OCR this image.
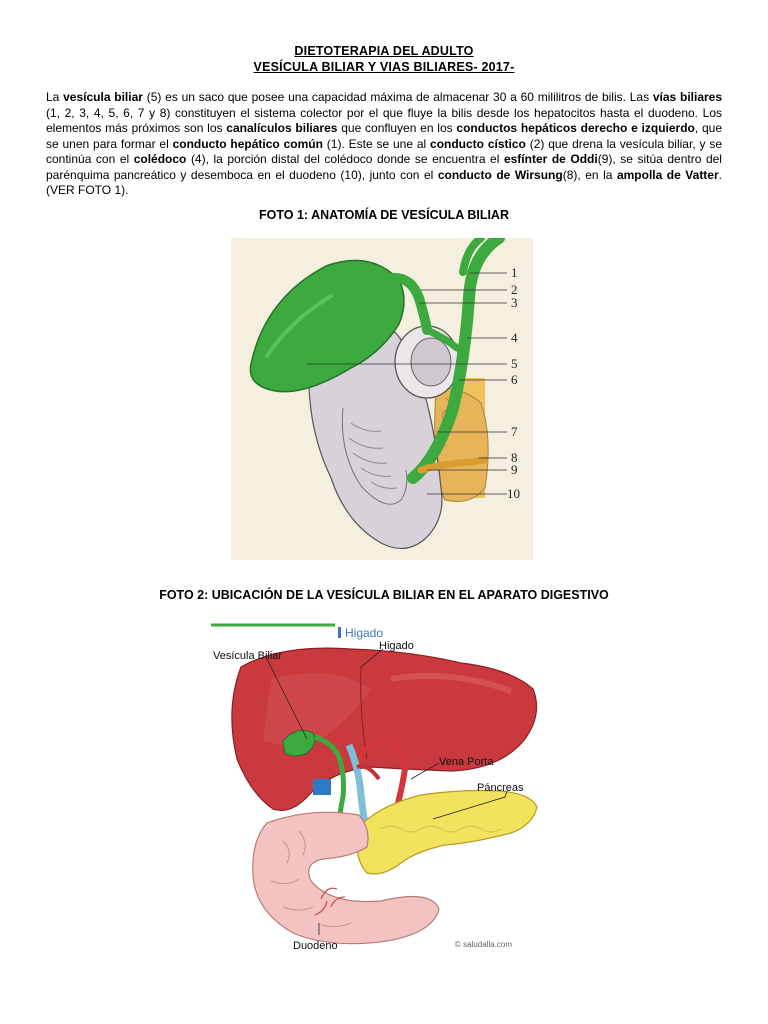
DIETOTERAPIA DEL ADULTO
VESÍCULA BILIAR Y VIAS BILIARES- 2017-
La vesícula biliar (5) es un saco que posee una capacidad máxima de almacenar 30 a 60 mililitros de bilis. Las vías biliares (1, 2, 3, 4, 5, 6, 7 y 8) constituyen el sistema colector por el que fluye la bilis desde los hepatocitos hasta el duodeno. Los elementos más próximos son los canalículos biliares que confluyen en los conductos hepáticos derecho e izquierdo, que se unen para formar el conducto hepático común (1). Este se une al conducto cístico (2) que drena la vesícula biliar, y se continúa con el colédoco (4), la porción distal del colédoco donde se encuentra el esfínter de Oddi(9), se sitúa dentro del parénquima pancreático y desemboca en el duodeno (10), junto con el conducto de Wirsung(8), en la ampolla de Vatter. (VER FOTO 1).
FOTO 1: ANATOMÍA DE VESÍCULA BILIAR
1
2
3
4
5
6
7
8
9
10
FOTO 2: UBICACIÓN DE LA VESÍCULA BILIAR EN EL APARATO DIGESTIVO
Higado
Vesícula Biliar
Higado
Vena Porta
Páncreas
Duodeno	© saludalla.com
